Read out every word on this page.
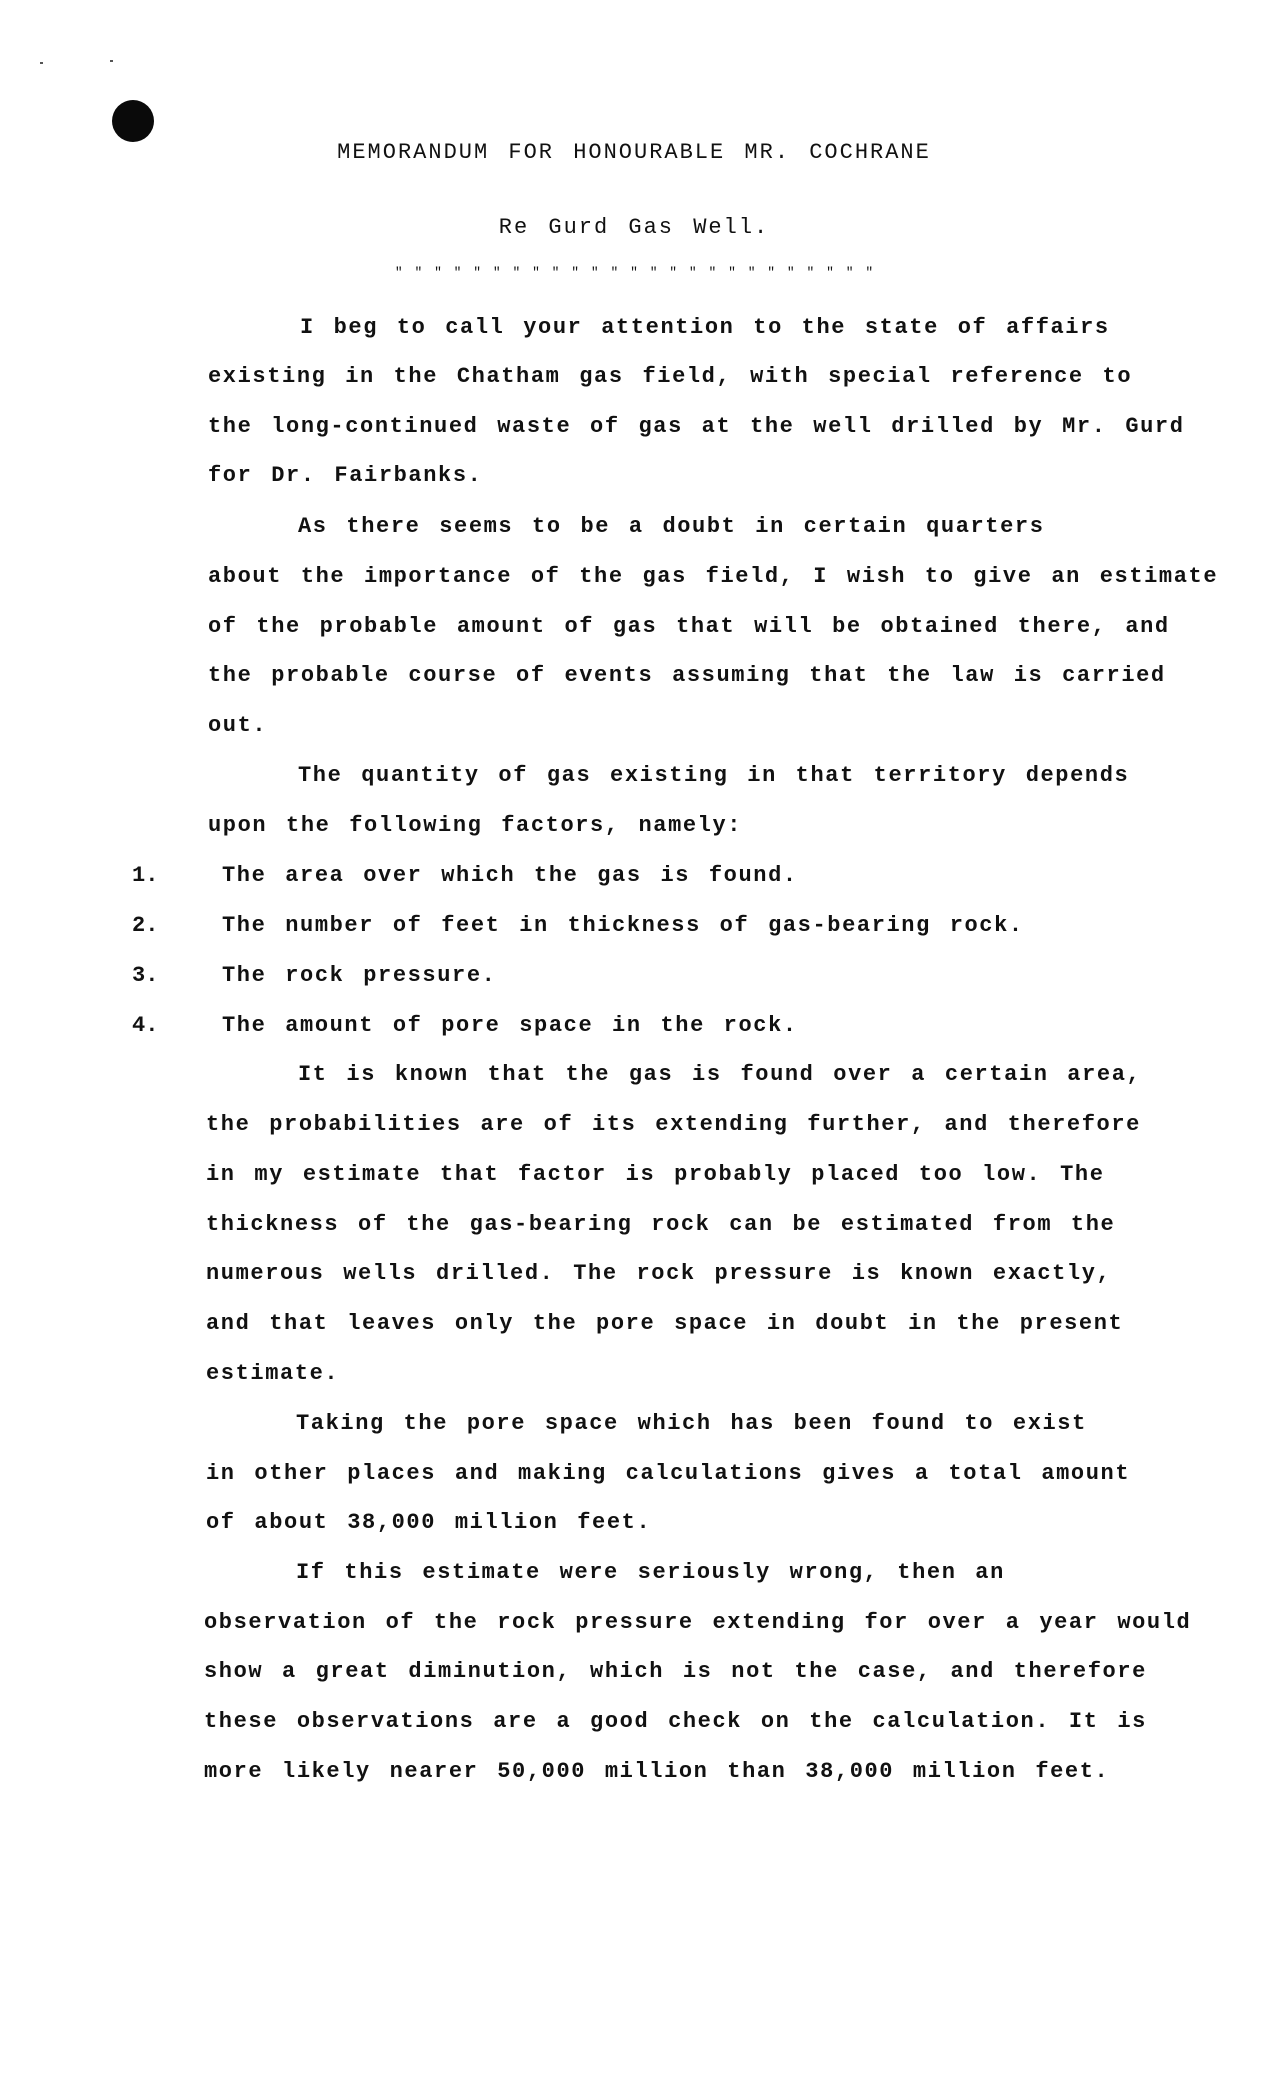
MEMORANDUM FOR HONOURABLE MR. COCHRANE
Re Gurd Gas Well.
" " " " " " " " " " " " " " " " " " " " " " " " "
I beg to call your attention to the state of affairs
existing in the Chatham gas field, with special reference to
the long-continued waste of gas at the well drilled by Mr. Gurd
for Dr. Fairbanks.
As there seems to be a doubt in certain quarters
about the importance of the gas field, I wish to give an estimate
of the probable amount of gas that will be obtained there, and
the probable course of events assuming that the law is carried
out.
The quantity of gas existing in that territory depends
upon the following factors, namely:
1.	The area over which the gas is found.
2.	The number of feet in thickness of gas-bearing rock.
3.	The rock pressure.
4.	The amount of pore space in the rock.
It is known that the gas is found over a certain area,
the probabilities are of its extending further, and therefore
in my estimate that factor is probably placed too low. The
thickness of the gas-bearing rock can be estimated from the
numerous wells drilled. The rock pressure is known exactly,
and that leaves only the pore space in doubt in the present
estimate.
Taking the pore space which has been found to exist
in other places and making calculations gives a total amount
of about 38,000 million feet.
If this estimate were seriously wrong, then an
observation of the rock pressure extending for over a year would
show a great diminution, which is not the case, and therefore
these observations are a good check on the calculation. It is
more likely nearer 50,000 million than 38,000 million feet.
